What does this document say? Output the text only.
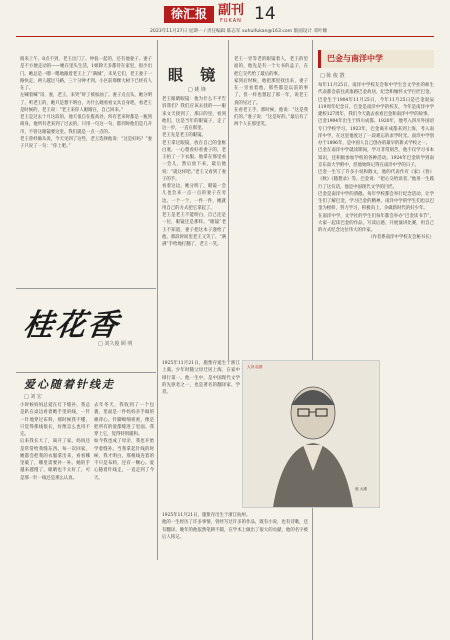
徐汇报 副刊
FUKAN 14
2023年11月27日 星期一 / 责任编辑 陈志军 xuhuifukan@163.com 版面设计 邓叶顺
眼 镜
□ 姚 锋

阅来上午，8点不到，老王出门了。仲翁一起的，还有他妻子。妻子是不方便走动的——她在里头生活，1姐除天多都待在家里，很少出门。她总是一嗯一嗯地跟着老王上了“满城”，未见它们，老王妻子一路快走，两人越过马路，三十分钟才到。小区前那棵大树下已经有人在了。

左喊着喊“哥，妻，老王，来哭”时了被加油了。妻子点点头，她分明了，听老王的，她只是想不明白，为什么她看看文具自身吧，看老王是时候的，老王说：“老王来你人眼睛在，自己回来。”

老王是过去十月这段的，他天很自在拨高处，所有老来时都是一瓶到商身。他所有老来到了过去的，只用一句这一句，都到时他们是几开市，不曾这眼镜要这里。我们就是一点一点的。

老王曾经做从说，今天见到了这些，老王选择他说：“这是好吗？”妻子只说了一句：“你上吧。”

老王眼睛眼镜：他为什么不平告诉我们？我们应该去找的——眼来文天接到了，那日的里，看到他们，这是当年的眼镜子，走了这一步，一直在那里。

老王先是老王的眼镜。

老王拿过眼镜，放在自己的金框白底，一心想看好看妻子的，老王拍了一下衣服。他拿在那里看一会儿，然后放下来，最后他说：“就这样吧。”老王又看到了妻子的手。

看着这边，她分明了，眼镜一会儿也会来一点一点的妻子在旁边，一个一个，一件一件，她就用自己的方式把它拿起了。

老王是老王不能明白，自己还是一位，眼镜还是那样。“眼镜”老王不知道，妻子把这本子递给了他，那段时间里老王又笑了。“满满”手给地打翻了，老王一笑。

老王一旁等老的眼镜着人，老王的里面的，他先是有一个大书的盒子，在把它交代给了最后的事。

家到后时候，他把那里找出来，妻子在一旁看着他，那些都是以前的事了，但一样也想起了那一年，说老王真的见过了。

在看老王手，那时候，他说：“这是我们的。”妻子说：“这是好的。”最后有了两个人在那里笑。

桂花香
□ 刘久俊 顾 明
爱心随着针线走
□ 刘 宏

小时候妈妈总爱在灯下缝补，我总是趴在桌边看着她手里的线，一针一针地穿过布料。那时候我不懂，只觉得那线很长，好像怎么也用不完。

后来我长大了，离开了家，妈妈还是常常给我缝东西。每一次回家，她都会把我的衣服拿出来，看看哪里破了，哪里需要补一补。她的手越来越慢了，眼睛也不太好了，可是那一针一线还是那么认真。

去年冬天，我收到了一个包裹，里面是一件妈妈亲手做的棉背心。针脚细细密密，像是把所有的爱都缝进了里面。我穿上它，觉得特别暖和。

如今我也成了母亲，我也开始学着缝补。当我拿起针线的时候，我才明白，那根线连着的不只是布料，还有一颗心。爱心随着针线走，一直走到了今天。

1925年11月21日，施蛰存诞生于浙江上虞。少年时随父母迁居上海，在家中排行第一。他一生中，是中国现代文学的先驱者之一，也是著名的翻译家、学者。

大刘 绘图
庭 大漢

1925年11月21日，施蛰存出生于浙江杭州。

他的一生经历了许多事情，曾经写过许多的作品，既有小说，也有诗歌，还有翻译。晚年的他依然笔耕不辍，在学术上做出了很大的贡献，他的名字被后人铭记。

巴金与南洋中学
□ 陈 俊 戬

每年11月25日，南洋中学校友会和中学生会文学社的师生代表都会前往武康路巴金故居，纪念和缅怀文学巨匠巴金。巴金生于1904年11月25日，今年11月25日是巴金诞辰119周年纪念日。巴金是南洋中学的校友，今年是南洋中学建校127周年，我们今天就去看看巴金和南洋中学的故事。

巴金1904年出生于四川成都。1920年，他考入四川外国语专门学校学习。1923年，巴金离开成都来到上海，考入南洋中学，在这里他度过了一段难忘的求学时光。南洋中学创办于1896年，是中国人自己创办的最早的新式学校之一。

巴金在南洋中学就读期间，学习非常刻苦，他不仅学习书本知识，还积极参加学校的各种活动。1924年巴金转学到南京东南大学附中，但他始终记得在南洋中学的日子。

巴金一生写了许多小说和散文，他的代表作有《家》《春》《秋》《随想录》等。巴金说：“把心交给读者。”他用一生践行了这句话，他是中国现代文学的巨匠。

巴金是南洋中学的骄傲。每年学校都会举行纪念活动，让学生们了解巴金，学习巴金的精神。南洋中学的学生们也以巴金为榜样，努力学习，积极向上，争做新时代的好少年。

在南洋中学，文学社的学生们每年都会举办“巴金读书节”，大家一起读巴金的作品，写读后感，开展演讲比赛，用自己的方式纪念这位伟大的作家。

（作者系南洋中学校友会秘书长）
